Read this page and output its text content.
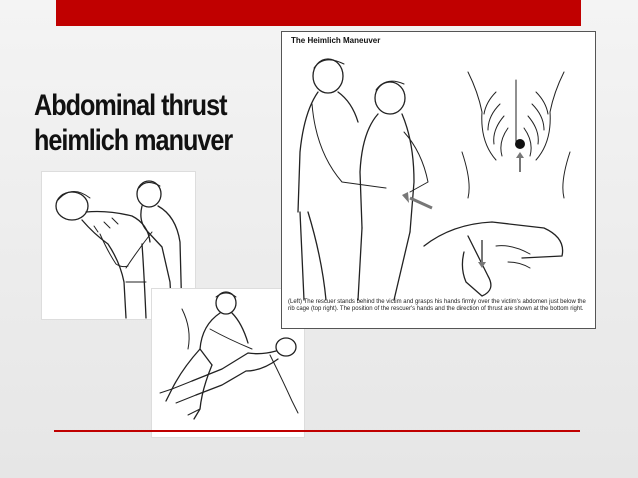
Abdominal thrust
heimlich manuver
The Heimlich Maneuver
(Left) The rescuer stands behind the victim and grasps his hands firmly over the victim's abdomen just below the rib cage (top right). The position of the rescuer's hands and the direction of thrust are shown at the bottom right.
